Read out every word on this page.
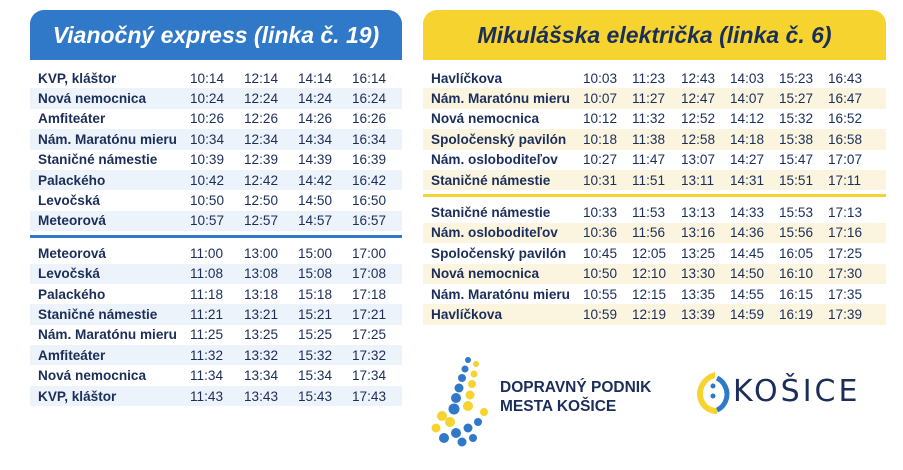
Vianočný express (linka č. 19)
KVP, kláštor	10:14	12:14	14:14	16:14
Nová nemocnica	10:24	12:24	14:24	16:24
Amfiteáter	10:26	12:26	14:26	16:26
Nám. Maratónu mieru 10:34	12:34	14:34	16:34
Staničné námestie	10:39	12:39	14:39	16:39
Palackého	10:42	12:42	14:42	16:42
Levočská	10:50	12:50	14:50	16:50
Meteorová	10:57	12:57	14:57	16:57
Meteorová	11:00	13:00	15:00	17:00
Levočská	11:08	13:08	15:08	17:08
Palackého	11:18	13:18	15:18	17:18
Staničné námestie	11:21	13:21	15:21	17:21
Nám. Maratónu mieru 11:25	13:25	15:25	17:25
Amfiteáter	11:32	13:32	15:32	17:32
Nová nemocnica	11:34	13:34	15:34	17:34
KVP, kláštor	11:43	13:43	15:43	17:43
Mikulášska električka (linka č. 6)
Havlíčkova	10:03	11:23	12:43	14:03	15:23	16:43
Nám. Maratónu mieru 10:07	11:27	12:47	14:07	15:27	16:47
Nová nemocnica	10:12	11:32	12:52	14:12	15:32	16:52
Spoločenský pavilón	10:18	11:38	12:58	14:18	15:38	16:58
Nám. osloboditeľov	10:27	11:47	13:07	14:27	15:47	17:07
Staničné námestie	10:31	11:51	13:11	14:31	15:51	17:11
Staničné námestie	10:33	11:53	13:13	14:33	15:53	17:13
Nám. osloboditeľov	10:36	11:56	13:16	14:36	15:56	17:16
Spoločenský pavilón	10:45	12:05	13:25	14:45	16:05	17:25
Nová nemocnica	10:50	12:10	13:30	14:50	16:10	17:30
Nám. Maratónu mieru 10:55	12:15	13:35	14:55	16:15	17:35
Havlíčkova	10:59	12:19	13:39	14:59	16:19	17:39
DOPRAVNÝ PODNIK
MESTA KOŠICE	KOŠICE
